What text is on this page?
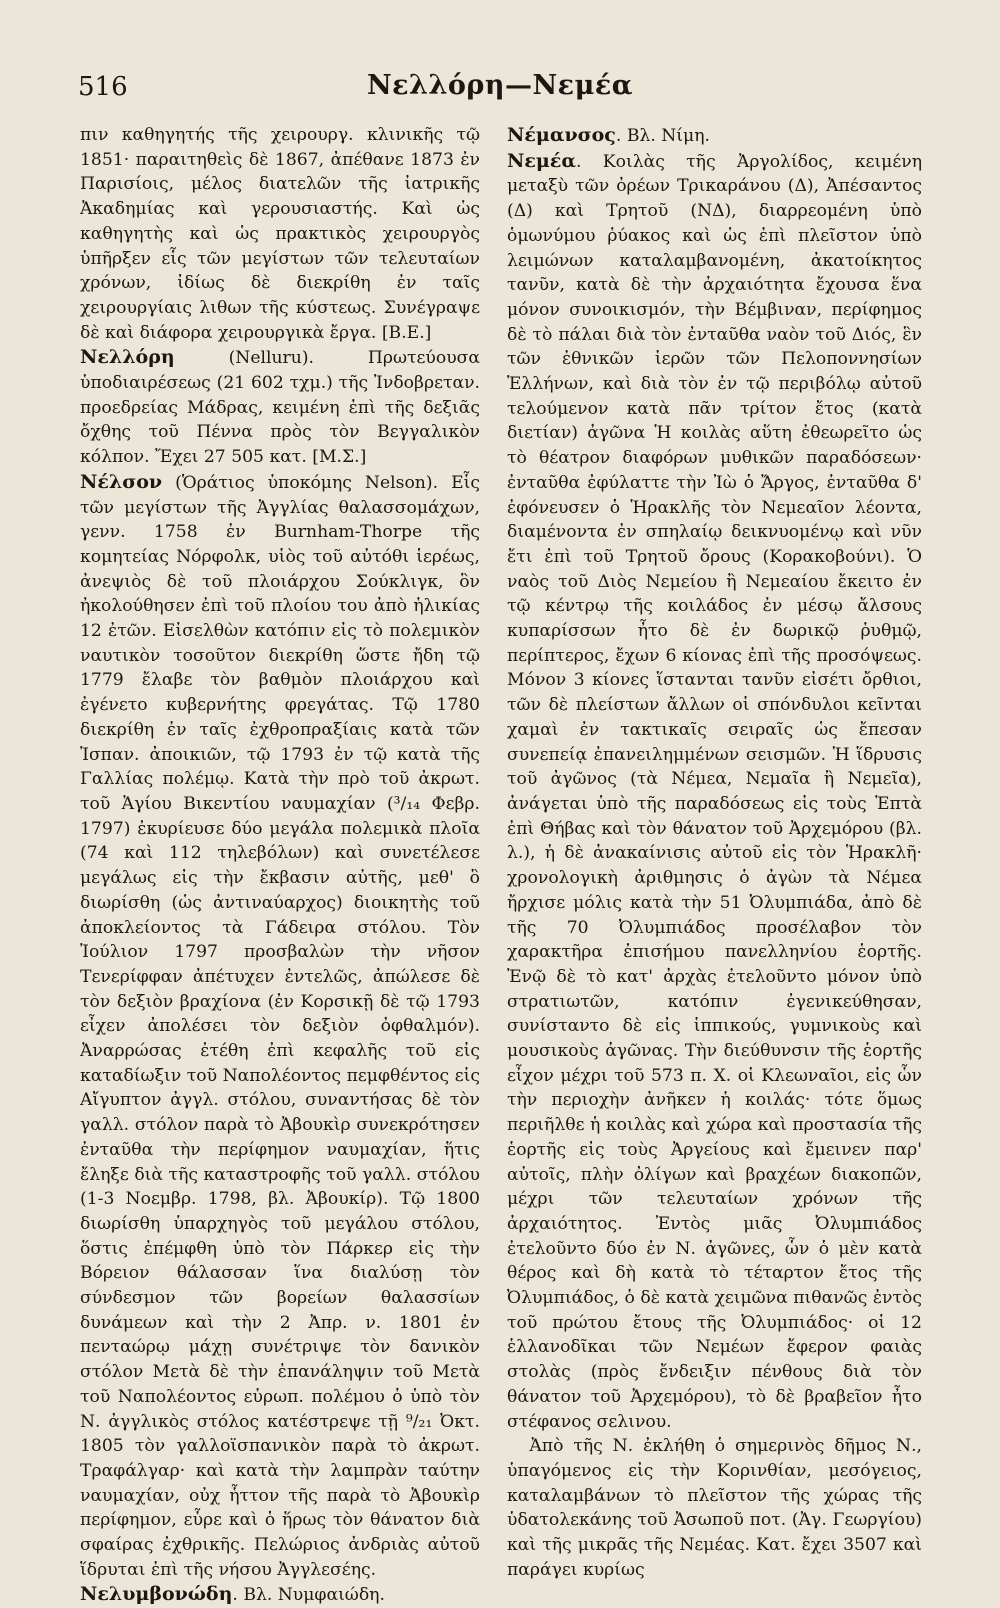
516	Νελλόρη—Νεμέα

πιν καθηγητής τῆς χειρουργ. κλινικῆς τῷ 1851· παραιτηθεὶς δὲ 1867, ἀπέθανε 1873 ἐν Παρισίοις, μέλος διατελῶν τῆς ἰατρικῆς Ἀκαδημίας καὶ γερουσιαστής. Καὶ ὡς καθηγητὴς καὶ ὡς πρακτικὸς χειρουργὸς ὑπῆρξεν εἷς τῶν μεγίστων τῶν τελευταίων χρόνων, ἰδίως δὲ διεκρίθη ἐν ταῖς χειρουργίαις λιθων τῆς κύστεως. Συνέγραψε δὲ καὶ διάφορα χειρουργικὰ ἔργα. [Β.Ε.]

Νελλόρη	(Nelluru). Πρωτεύουσα ὑποδιαιρέσεως (21 602 τχμ.) τῆς Ἰνδοβρεταν. προεδρείας Μάδρας, κειμένη ἐπὶ τῆς δεξιᾶς ὄχθης τοῦ Πέννα πρὸς τὸν Βεγγαλικὸν κόλπον. Ἔχει 27 505 κατ. [Μ.Σ.]

Νέλσον (Ὁράτιος ὑποκόμης Nelson). Εἷς τῶν μεγίστων τῆς Ἀγγλίας θαλασσομάχων, γενν. 1758 ἐν Burnham-Thorpe τῆς κομητείας Νόρφολκ, υἱὸς τοῦ αὐτόθι ἱερέως, ἀνεψιὸς δὲ τοῦ πλοιάρχου Σούκλιγκ, ὃν ἠκολούθησεν ἐπὶ τοῦ πλοίου του ἀπὸ ἡλικίας 12 ἐτῶν. Εἰσελθὼν κατόπιν εἰς τὸ πολεμικὸν ναυτικὸν τοσοῦτον διεκρίθη ὥστε ἤδη τῷ 1779 ἔλαβε τὸν βαθμὸν πλοιάρχου καὶ ἐγένετο κυβερνήτης φρεγάτας. Τῷ 1780 διεκρίθη ἐν ταῖς ἐχθροπραξίαις κατὰ τῶν Ἰσπαν. ἀποικιῶν, τῷ 1793 ἐν τῷ κατὰ τῆς Γαλλίας πολέμῳ. Κατὰ τὴν πρὸ τοῦ ἀκρωτ. τοῦ Ἁγίου Βικεντίου ναυμαχίαν (³/₁₄ Φεβρ. 1797) ἐκυρίευσε δύο μεγάλα πολεμικὰ πλοῖα (74 καὶ 112 τηλεβόλων) καὶ συνετέλεσε μεγάλως εἰς τὴν ἔκβασιν αὐτῆς, μεθ' ὃ διωρίσθη (ὡς ἀντιναύαρχος) διοικητὴς τοῦ ἀποκλείοντος τὰ Γάδειρα στόλου. Τὸν Ἰούλιον 1797 προσβαλὼν τὴν νῆσον Τενερίφφαν ἀπέτυχεν ἐντελῶς, ἀπώλεσε δὲ τὸν δεξιὸν βραχίονα (ἐν Κορσικῇ δὲ τῷ 1793 εἶχεν ἀπολέσει τὸν δεξιὸν ὀφθαλμόν). Ἀναρρώσας ἐτέθη ἐπὶ κεφαλῆς τοῦ εἰς καταδίωξιν τοῦ Ναπολέοντος πεμφθέντος εἰς Αἴγυπτον ἀγγλ. στόλου, συναντήσας δὲ τὸν γαλλ. στόλον παρὰ τὸ Ἀβουκὶρ συνεκρότησεν ἐνταῦθα τὴν περίφημον ναυμαχίαν, ἥτις ἔληξε διὰ τῆς καταστροφῆς τοῦ γαλλ. στόλου (1-3 Νοεμβρ. 1798, βλ. Ἀβουκίρ). Τῷ 1800 διωρίσθη ὑπαρχηγὸς τοῦ μεγάλου στόλου, ὅστις ἐπέμφθη ὑπὸ τὸν Πάρκερ εἰς τὴν Βόρειον θάλασσαν ἵνα διαλύσῃ τὸν σύνδεσμον τῶν βορείων θαλασσίων δυνάμεων καὶ τὴν 2 Ἀπρ. ν. 1801 ἐν πενταώρῳ μάχῃ συνέτριψε τὸν δανικὸν στόλον Μετὰ δὲ τὴν ἐπανάληψιν τοῦ Μετὰ τοῦ Ναπολέοντος εὐρωπ. πολέμου ὁ ὑπὸ τὸν Ν. ἀγγλικὸς στόλος κατέστρεψε τῇ ⁹/₂₁ Ὀκτ. 1805 τὸν γαλλοϊσπανικὸν παρὰ τὸ ἀκρωτ. Τραφάλγαρ· καὶ κατὰ τὴν λαμπρὰν ταύτην ναυμαχίαν, οὐχ ἧττον τῆς παρὰ τὸ Ἀβουκὶρ περίφημον, εὗρε καὶ ὁ ἥρως τὸν θάνατον διὰ σφαίρας ἐχθρικῆς. Πελώριος ἀνδριὰς αὐτοῦ ἵδρυται ἐπὶ τῆς νήσου Ἀγγλεσέης.

Νελυμβονώδη. Βλ. Νυμφαιώδη.

Νέμανσος. Βλ. Νίμη.

Νεμέα. Κοιλὰς τῆς Ἀργολίδος, κειμένη μεταξὺ τῶν ὀρέων Τρικαράνου (Δ), Ἀπέσαντος (Δ) καὶ Τρητοῦ (ΝΔ), διαρρεομένη ὑπὸ ὁμωνύμου ῥύακος καὶ ὡς ἐπὶ πλεῖστον ὑπὸ λειμώνων καταλαμβανομένη, ἀκατοίκητος τανῦν, κατὰ δὲ τὴν ἀρχαιότητα ἔχουσα ἕνα μόνον συνοικισμόν, τὴν Βέμβιναν, περίφημος δὲ τὸ πάλαι διὰ τὸν ἐνταῦθα ναὸν τοῦ Διός, ἓν τῶν ἐθνικῶν ἱερῶν τῶν Πελοποννησίων Ἑλλήνων, καὶ διὰ τὸν ἐν τῷ περιβόλῳ αὐτοῦ τελούμενον κατὰ πᾶν τρίτον ἔτος (κατὰ διετίαν) ἀγῶνα Ἡ κοιλὰς αὕτη ἐθεωρεῖτο ὡς τὸ θέατρον διαφόρων μυθικῶν παραδόσεων· ἐνταῦθα ἐφύλαττε τὴν Ἰὼ ὁ Ἄργος, ἐνταῦθα δ' ἐφόνευσεν ὁ Ἡρακλῆς τὸν Νεμεαῖον λέοντα, διαμένοντα ἐν σπηλαίῳ δεικνυομένῳ καὶ νῦν ἔτι ἐπὶ τοῦ Τρητοῦ ὄρους (Κορακοβούνι). Ὁ ναὸς τοῦ Διὸς Νεμείου ἢ Νεμεαίου ἔκειτο ἐν τῷ κέντρῳ τῆς κοιλάδος ἐν μέσῳ ἄλσους κυπαρίσσων ἦτο δὲ ἐν δωρικῷ ῥυθμῷ, περίπτερος, ἔχων 6 κίονας ἐπὶ τῆς προσόψεως. Μόνον 3 κίονες ἵστανται τανῦν εἰσέτι ὄρθιοι, τῶν δὲ πλείστων ἄλλων οἱ σπόνδυλοι κεῖνται χαμαὶ ἐν τακτικαῖς σειραῖς ὡς ἔπεσαν συνεπείᾳ ἐπανειλημμένων σεισμῶν. Ἡ ἵδρυσις τοῦ ἀγῶνος (τὰ Νέμεα, Νεμαῖα ἢ Νεμεῖα), ἀνάγεται ὑπὸ τῆς παραδόσεως εἰς τοὺς Ἑπτὰ ἐπὶ Θήβας καὶ τὸν θάνατον τοῦ Ἀρχεμόρου (βλ. λ.), ἡ δὲ ἀνακαίνισις αὐτοῦ εἰς τὸν Ἡρακλῆ· χρονολογικὴ ἀριθμησις ὁ ἀγὼν τὰ Νέμεα ἤρχισε μόλις κατὰ τὴν 51 Ὀλυμπιάδα, ἀπὸ δὲ τῆς 70 Ὀλυμπιάδος προσέλαβον τὸν χαρακτῆρα ἐπισήμου πανελληνίου ἑορτῆς. Ἐνῷ δὲ τὸ κατ' ἀρχὰς ἐτελοῦντο μόνον ὑπὸ στρατιωτῶν, κατόπιν ἐγενικεύθησαν, συνίσταντο δὲ εἰς ἱππικούς, γυμνικοὺς καὶ μουσικοὺς ἀγῶνας. Τὴν διεύθυνσιν τῆς ἑορτῆς εἶχον μέχρι τοῦ 573 π. Χ. οἱ Κλεωναῖοι, εἰς ὧν τὴν περιοχὴν ἀνῆκεν ἡ κοιλάς· τότε ὅμως περιῆλθε ἡ κοιλὰς καὶ χώρα καὶ προστασία τῆς ἑορτῆς εἰς τοὺς Ἀργείους καὶ ἔμεινεν παρ' αὐτοῖς, πλὴν ὀλίγων καὶ βραχέων διακοπῶν, μέχρι τῶν τελευταίων χρόνων τῆς ἀρχαιότητος. Ἐντὸς μιᾶς Ὀλυμπιάδος ἐτελοῦντο δύο ἐν Ν. ἀγῶνες, ὧν ὁ μὲν κατὰ θέρος καὶ δὴ κατὰ τὸ τέταρτον ἔτος τῆς Ὀλυμπιάδος, ὁ δὲ κατὰ χειμῶνα πιθανῶς ἐντὸς τοῦ πρώτου ἔτους τῆς Ὀλυμπιάδος· οἱ 12 ἑλλανοδῖκαι τῶν Νεμέων ἔφερον φαιὰς στολὰς (πρὸς ἔνδειξιν πένθους διὰ τὸν θάνατον τοῦ Ἀρχεμόρου), τὸ δὲ βραβεῖον ἦτο στέφανος σελινου.

Ἀπὸ τῆς Ν. ἐκλήθη ὁ σημερινὸς δῆμος Ν., ὑπαγόμενος εἰς τὴν Κορινθίαν, μεσόγειος, καταλαμβάνων τὸ πλεῖστον τῆς χώρας τῆς ὑδατολεκάνης τοῦ Ἀσωποῦ ποτ. (Ἀγ. Γεωργίου) καὶ τῆς μικρᾶς τῆς Νεμέας. Κατ. ἔχει 3507 καὶ παράγει κυρίως
